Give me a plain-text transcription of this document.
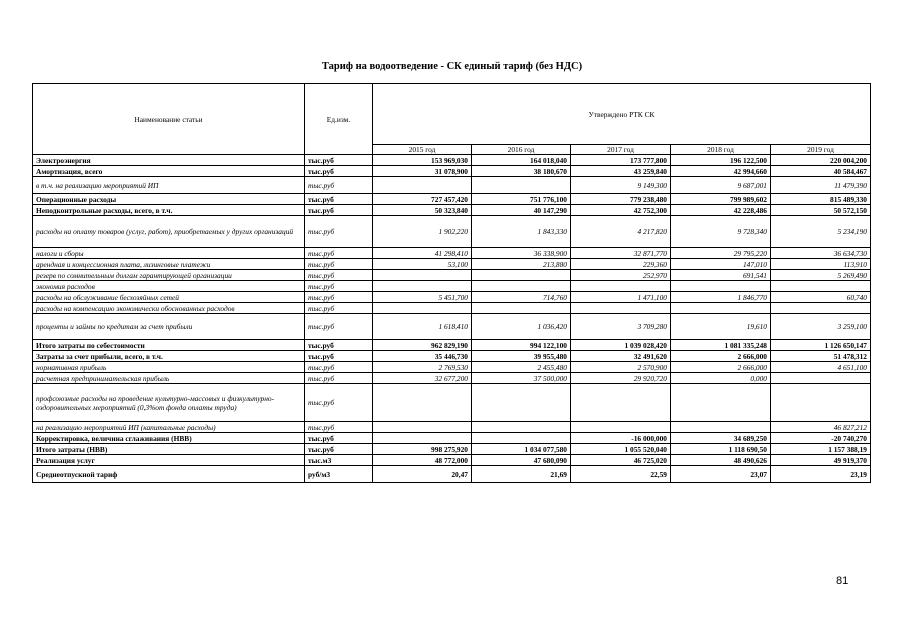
Тариф на водоотведение - СК единый тариф (без НДС)
Наименование статьи	Ед.изм.	Утверждено РТК СК				
		2015 год	2016 год	2017 год	2018 год	2019 год
Электроэнергия	тыс.руб	153 969,030	164 018,040	173 777,800	196 122,500	220 004,200
Амортизация, всего	тыс.руб	31 078,900	38 180,670	43 259,840	42 994,660	40 584,467
в т.ч. на реализацию мероприятий ИП	тыс.руб			9 149,300	9 687,001	11 479,390
Операционные расходы	тыс.руб	727 457,420	751 776,100	779 238,480	799 989,602	815 489,330
Неподконтрольные расходы, всего, в т.ч.	тыс.руб	50 323,840	40 147,290	42 752,300	42 228,486	50 572,150
расходы на оплату товаров (услуг, работ), приобретаемых у других организаций	тыс.руб	1 902,220	1 843,330	4 217,820	9 728,340	5 234,190
налоги и сборы	тыс.руб	41 298,410	36 338,900	32 871,770	29 795,220	36 634,730
арендная и концессионная плата, лизинговые платежи	тыс.руб	53,100	213,880	229,360	147,010	113,910
резерв по сомнительным долгам гарантирующей организации	тыс.руб			252,970	691,541	5 269,490
экономия расходов	тыс.руб					
расходы на обслуживание бесхозяйных сетей	тыс.руб	5 451,700	714,760	1 471,100	1 846,770	60,740
расходы на компенсацию экономически обоснованных расходов	тыс.руб					
проценты и займы по кредитам за счет прибыли	тыс.руб	1 618,410	1 036,420	3 709,280	19,610	3 259,100
Итого затраты по себестоимости	тыс.руб	962 829,190	994 122,100	1 039 028,420	1 081 335,248	1 126 650,147
Затраты за счет прибыли, всего, в т.ч.	тыс.руб	35 446,730	39 955,480	32 491,620	2 666,000	51 478,312
нормативная прибыль	тыс.руб	2 769,530	2 455,480	2 570,900	2 666,000	4 651,100
расчетная предпринимательская прибыль	тыс.руб	32 677,200	37 500,000	29 920,720	0,000	
профсоюзные расходы на проведение культурно-массовых и физкультурно-оздоровительных мероприятий (0,3%от фонда оплаты труда)	тыс.руб					
на реализацию мероприятий ИП (капитальные расходы)	тыс.руб					46 827,212
Корректировка, величина сглаживания (НВВ)	тыс.руб			-16 000,000	34 689,250	-20 740,270
Итого затраты (НВВ)	тыс.руб	998 275,920	1 034 077,580	1 055 520,040	1 118 690,50	1 157 388,19
Реализация услуг	тыс.м3	48 772,000	47 680,090	46 725,020	48 490,626	49 919,370
Среднеотпускной тариф	руб/м3	20,47	21,69	22,59	23,07	23,19
81
